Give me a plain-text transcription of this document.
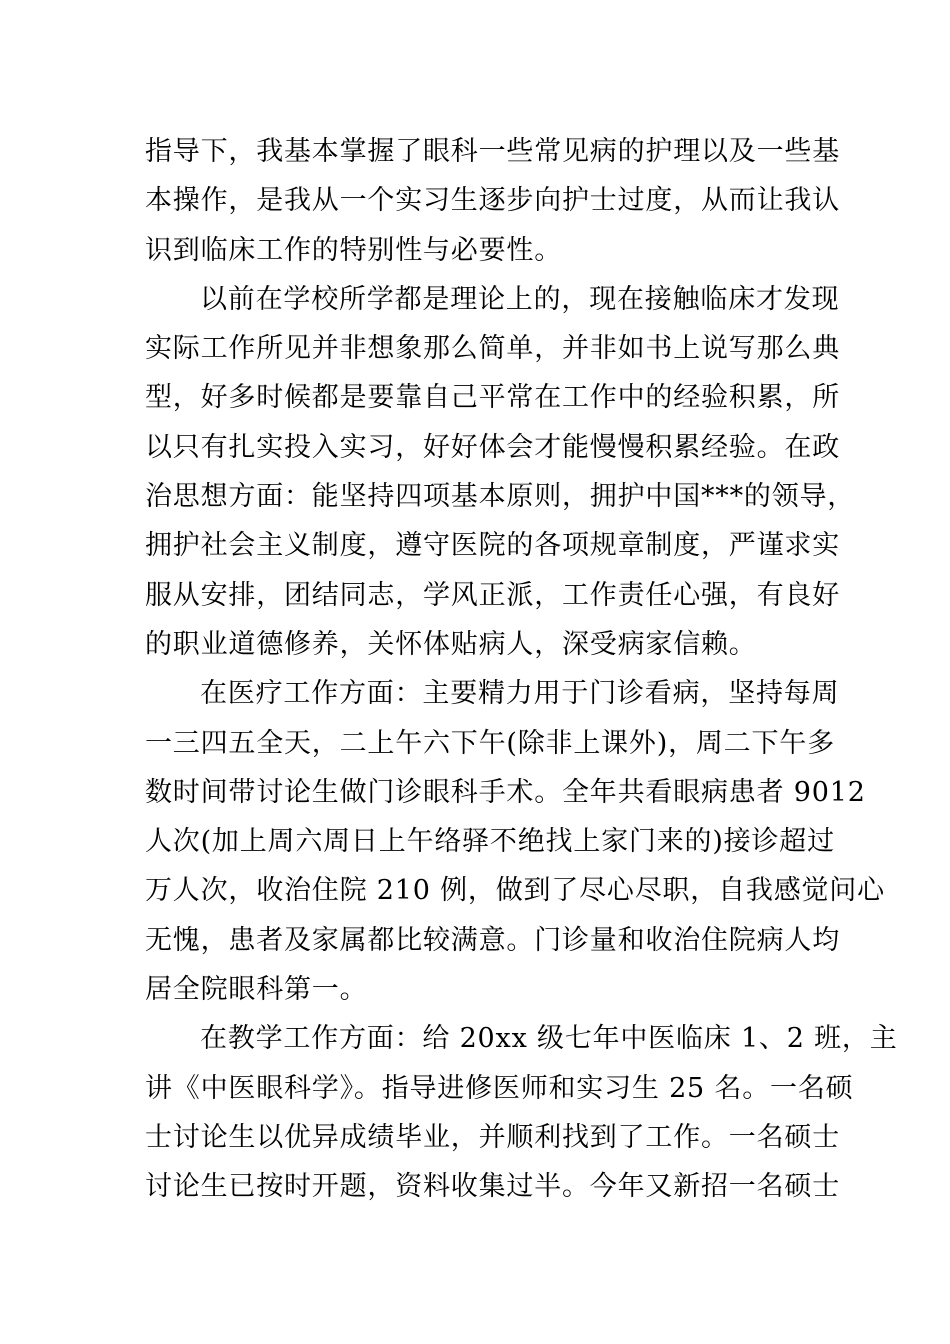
指导下，我基本掌握了眼科一些常见病的护理以及一些基
本操作，是我从一个实习生逐步向护士过度，从而让我认
识到临床工作的特别性与必要性。
以前在学校所学都是理论上的，现在接触临床才发现
实际工作所见并非想象那么简单，并非如书上说写那么典
型，好多时候都是要靠自己平常在工作中的经验积累，所
以只有扎实投入实习，好好体会才能慢慢积累经验。在政
治思想方面：能坚持四项基本原则，拥护中国***的领导，
拥护社会主义制度，遵守医院的各项规章制度，严谨求实
服从安排，团结同志，学风正派，工作责任心强，有良好
的职业道德修养，关怀体贴病人，深受病家信赖。
在医疗工作方面：主要精力用于门诊看病，坚持每周
一三四五全天，二上午六下午(除非上课外)，周二下午多
数时间带讨论生做门诊眼科手术。全年共看眼病患者 9012
人次(加上周六周日上午络驿不绝找上家门来的)接诊超过
万人次，收治住院 210 例，做到了尽心尽职，自我感觉问心
无愧，患者及家属都比较满意。门诊量和收治住院病人均
居全院眼科第一。
在教学工作方面：给 20xx 级七年中医临床 1、2 班，主
讲《中医眼科学》。指导进修医师和实习生 25 名。一名硕
士讨论生以优异成绩毕业，并顺利找到了工作。一名硕士
讨论生已按时开题，资料收集过半。今年又新招一名硕士
